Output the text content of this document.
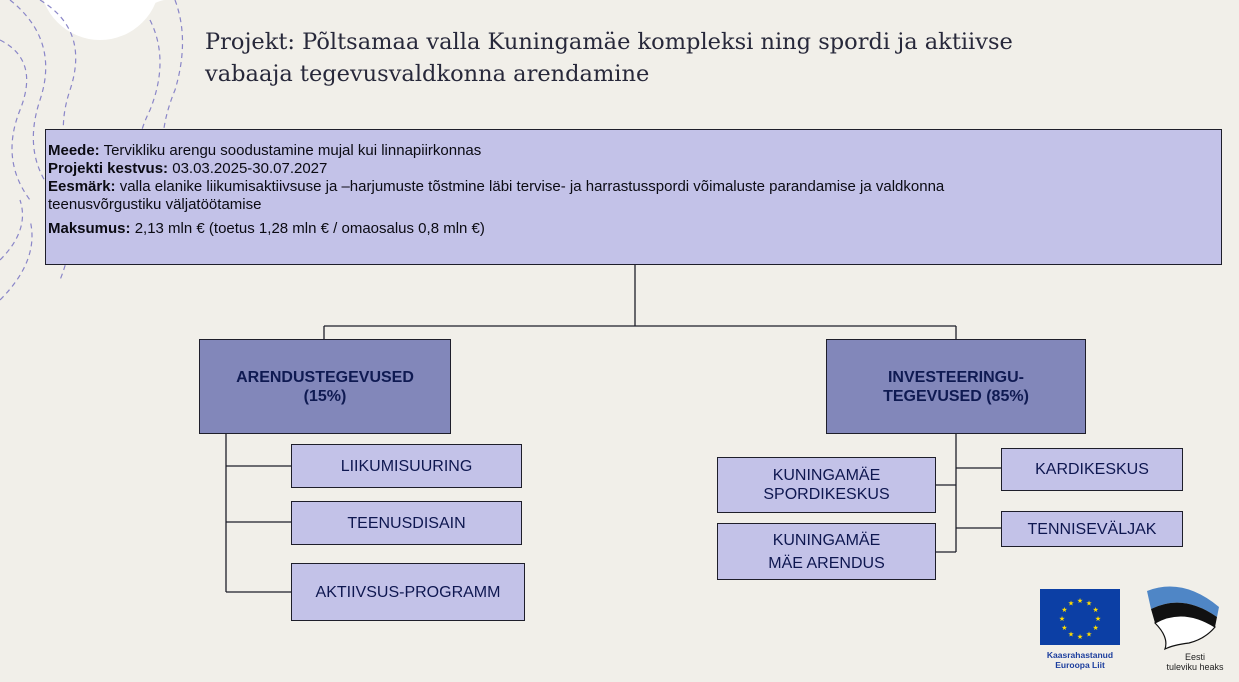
Projekt: Põltsamaa valla Kuningamäe kompleksi ning spordi ja aktiivse
vabaaja tegevusvaldkonna arendamine

Meede: Tervikliku arengu soodustamine mujal kui linnapiirkonnas

Projekti kestvus: 03.03.2025-30.07.2027

Eesmärk: valla elanike liikumisaktiivsuse ja –harjumuste tõstmine läbi tervise- ja harrastusspordi võimaluste parandamise ja valdkonna
teenusvõrgustiku väljatöötamise

Maksumus: 2,13 mln € (toetus 1,28 mln € / omaosalus 0,8 mln €)

ARENDUSTEGEVUSED
(15%)
LIIKUMISUURING
TEENUSDISAIN
AKTIIVSUS-PROGRAMM
INVESTEERINGU-
TEGEVUSED (85%)
KUNINGAMÄE
SPORDIKESKUS
KUNINGAMÄE
MÄE ARENDUS
KARDIKESKUS
TENNISEVÄLJAK
★ ★
★
★
★
★
★
★
★
★
★
★
Kaasrahastanud
Euroopa Liit
Eesti
tuleviku heaks
